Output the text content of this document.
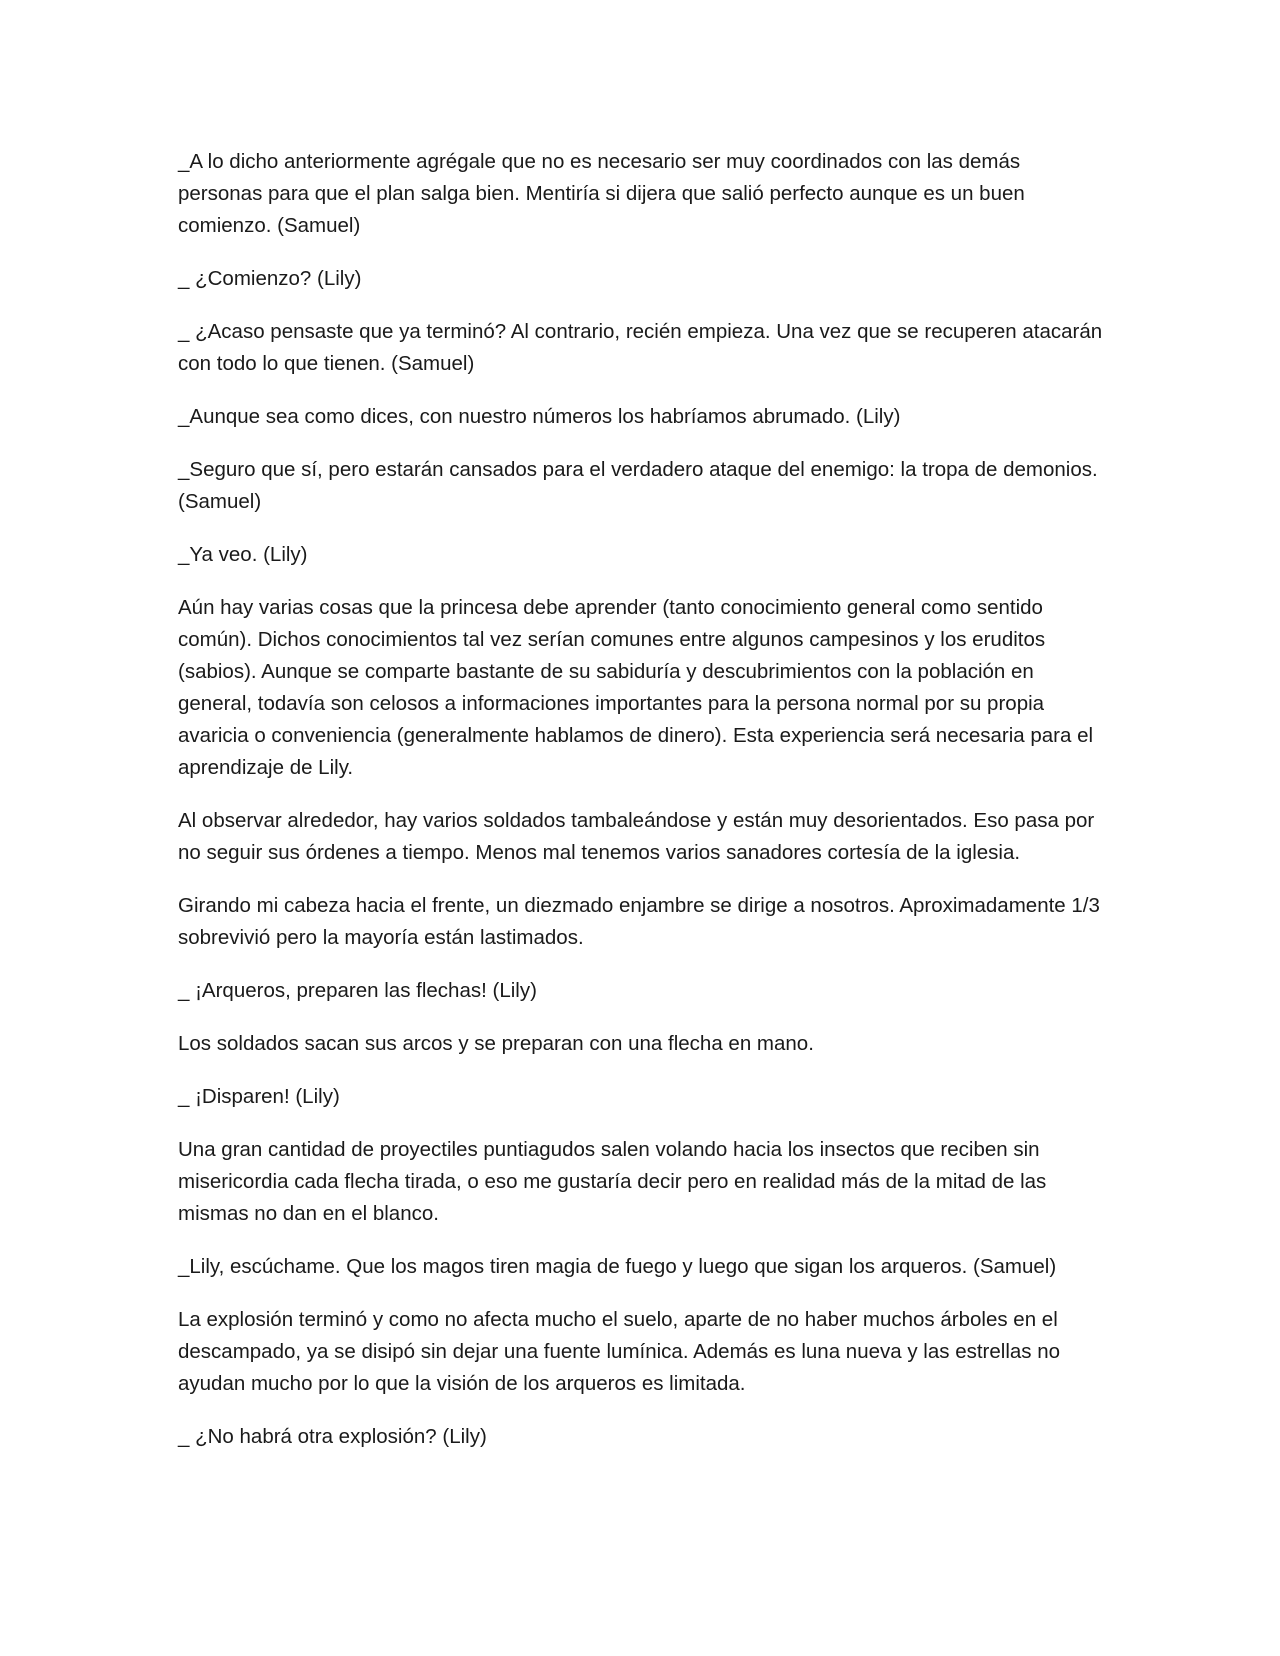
_A lo dicho anteriormente agrégale que no es necesario ser muy coordinados con las demás personas para que el plan salga bien. Mentiría si dijera que salió perfecto aunque es un buen comienzo. (Samuel)

_ ¿Comienzo? (Lily)

_ ¿Acaso pensaste que ya terminó? Al contrario, recién empieza. Una vez que se recuperen atacarán con todo lo que tienen. (Samuel)

_Aunque sea como dices, con nuestro números los habríamos abrumado. (Lily)

_Seguro que sí, pero estarán cansados para el verdadero ataque del enemigo: la tropa de demonios. (Samuel)

_Ya veo. (Lily)

Aún hay varias cosas que la princesa debe aprender (tanto conocimiento general como sentido común). Dichos conocimientos tal vez serían comunes entre algunos campesinos y los eruditos (sabios). Aunque se comparte bastante de su sabiduría y descubrimientos con la población en general, todavía son celosos a informaciones importantes para la persona normal por su propia avaricia o conveniencia (generalmente hablamos de dinero). Esta experiencia será necesaria para el aprendizaje de Lily.

Al observar alrededor, hay varios soldados tambaleándose y están muy desorientados. Eso pasa por no seguir sus órdenes a tiempo. Menos mal tenemos varios sanadores cortesía de la iglesia.

Girando mi cabeza hacia el frente, un diezmado enjambre se dirige a nosotros. Aproximadamente 1/3 sobrevivió pero la mayoría están lastimados.

_ ¡Arqueros, preparen las flechas! (Lily)

Los soldados sacan sus arcos y se preparan con una flecha en mano.

_ ¡Disparen! (Lily)

Una gran cantidad de proyectiles puntiagudos salen volando hacia los insectos que reciben sin misericordia cada flecha tirada, o eso me gustaría decir pero en realidad más de la mitad de las mismas no dan en el blanco.

_Lily, escúchame. Que los magos tiren magia de fuego y luego que sigan los arqueros. (Samuel)

La explosión terminó y como no afecta mucho el suelo, aparte de no haber muchos árboles en el descampado, ya se disipó sin dejar una fuente lumínica. Además es luna nueva y las estrellas no ayudan mucho por lo que la visión de los arqueros es limitada.

_ ¿No habrá otra explosión? (Lily)
